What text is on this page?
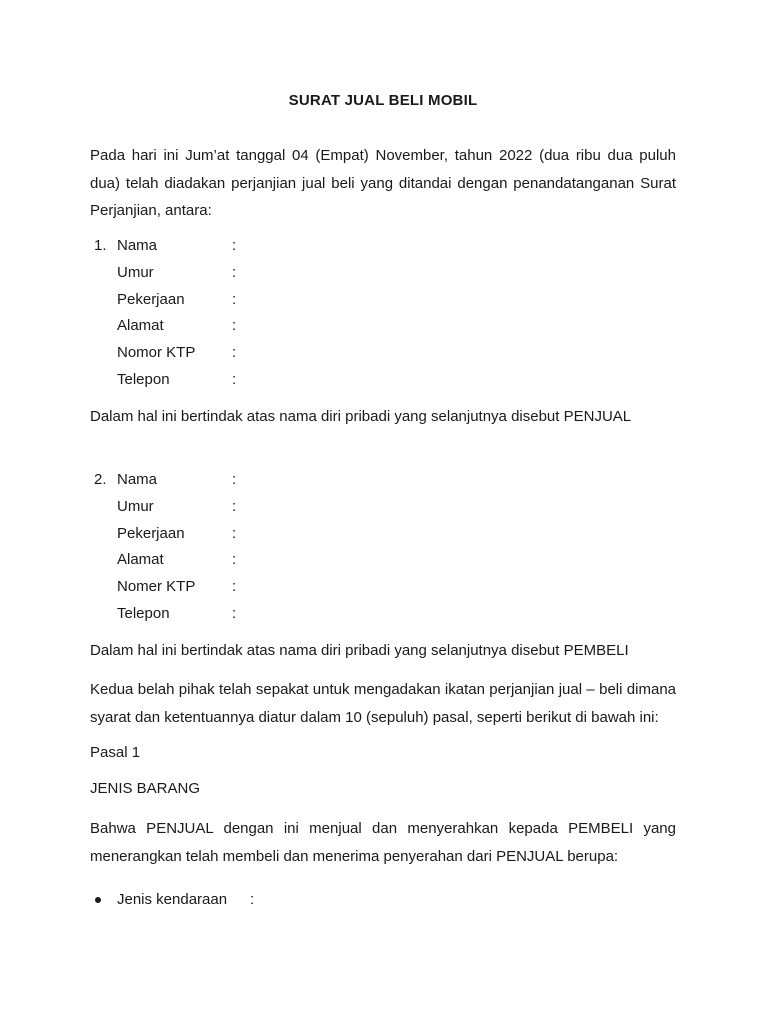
SURAT JUAL BELI MOBIL
Pada hari ini Jum’at tanggal 04 (Empat) November, tahun 2022 (dua ribu dua puluh dua) telah diadakan perjanjian jual beli yang ditandai dengan penandatanganan Surat Perjanjian, antara:
1. Nama	:
Umur	:
Pekerjaan	:
Alamat	:
Nomor KTP :
Telepon	:
Dalam hal ini bertindak atas nama diri pribadi yang selanjutnya disebut PENJUAL
2. Nama	:
Umur	:
Pekerjaan	:
Alamat	:
Nomer KTP :
Telepon	:
Dalam hal ini bertindak atas nama diri pribadi yang selanjutnya disebut PEMBELI
Kedua belah pihak telah sepakat untuk mengadakan ikatan perjanjian jual – beli dimana syarat dan ketentuannya diatur dalam 10 (sepuluh) pasal, seperti berikut di bawah ini:
Pasal 1
JENIS BARANG
Bahwa PENJUAL dengan ini menjual dan menyerahkan kepada PEMBELI yang menerangkan telah membeli dan menerima penyerahan dari PENJUAL berupa:
Jenis kendaraan :
